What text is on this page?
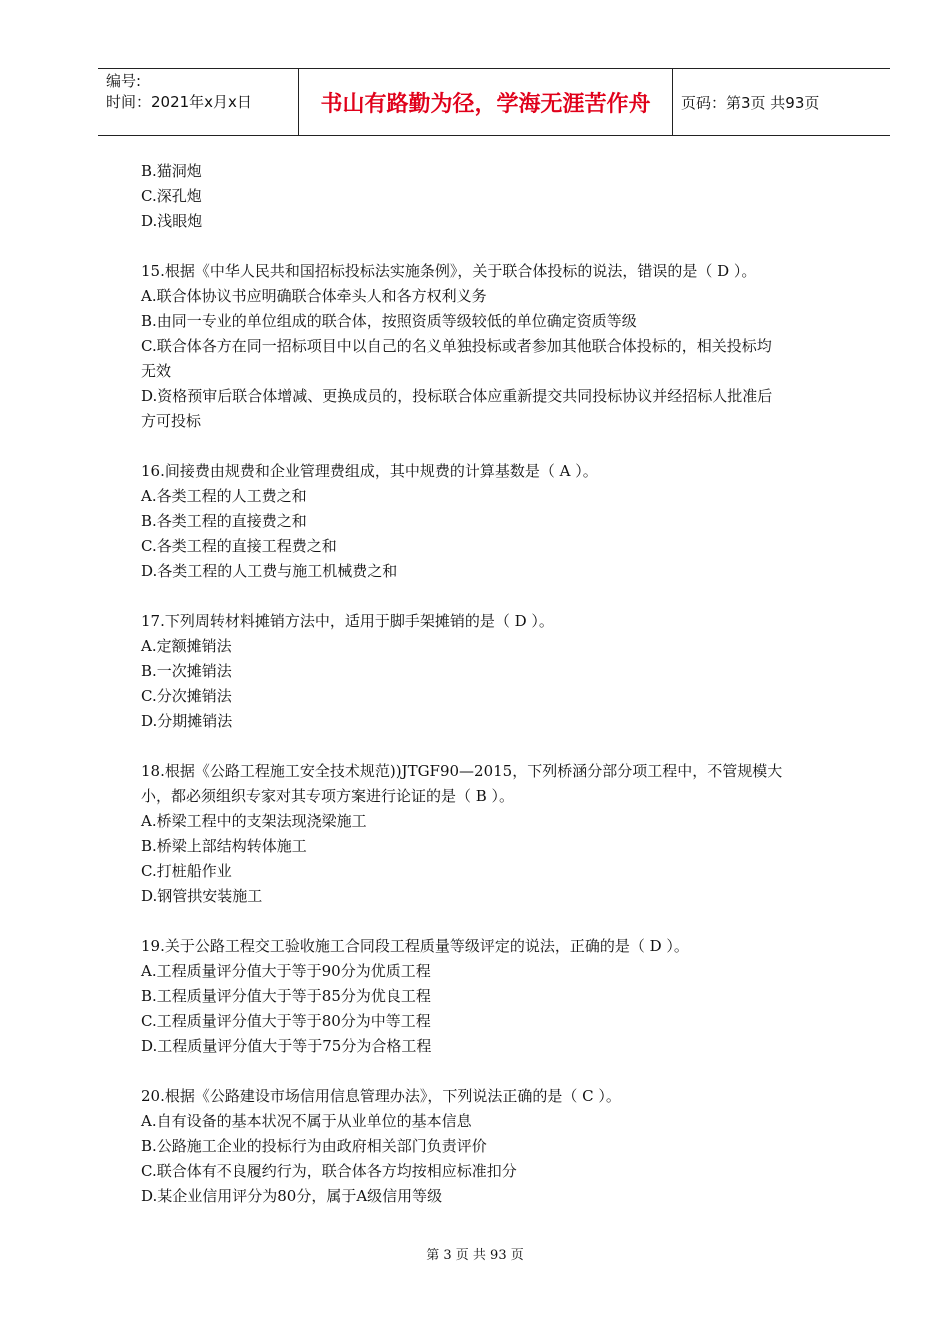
编号:
时间：2021年x月x日	书山有路勤为径，学海无涯苦作舟	页码：第3页 共93页
B.猫洞炮
C.深孔炮
D.浅眼炮
15.根据《中华人民共和国招标投标法实施条例》，关于联合体投标的说法，错误的是（ D ）。
A.联合体协议书应明确联合体牵头人和各方权利义务
B.由同一专业的单位组成的联合体，按照资质等级较低的单位确定资质等级
C.联合体各方在同一招标项目中以自己的名义单独投标或者参加其他联合体投标的，相关投标均
无效
D.资格预审后联合体增减、更换成员的，投标联合体应重新提交共同投标协议并经招标人批准后
方可投标
16.间接费由规费和企业管理费组成，其中规费的计算基数是（ A ）。
A.各类工程的人工费之和
B.各类工程的直接费之和
C.各类工程的直接工程费之和
D.各类工程的人工费与施工机械费之和
17.下列周转材料摊销方法中，适用于脚手架摊销的是（ D ）。
A.定额摊销法
B.一次摊销法
C.分次摊销法
D.分期摊销法
18.根据《公路工程施工安全技术规范))JTGF90—2015，下列桥涵分部分项工程中，不管规模大
小，都必须组织专家对其专项方案进行论证的是（ B ）。
A.桥梁工程中的支架法现浇梁施工
B.桥梁上部结构转体施工
C.打桩船作业
D.钢管拱安装施工
19.关于公路工程交工验收施工合同段工程质量等级评定的说法，正确的是（ D ）。
A.工程质量评分值大于等于90分为优质工程
B.工程质量评分值大于等于85分为优良工程
C.工程质量评分值大于等于80分为中等工程
D.工程质量评分值大于等于75分为合格工程
20.根据《公路建设市场信用信息管理办法》，下列说法正确的是（ C ）。
A.自有设备的基本状况不属于从业单位的基本信息
B.公路施工企业的投标行为由政府相关部门负责评价
C.联合体有不良履约行为，联合体各方均按相应标准扣分
D.某企业信用评分为80分，属于A级信用等级
第 3 页 共 93 页
